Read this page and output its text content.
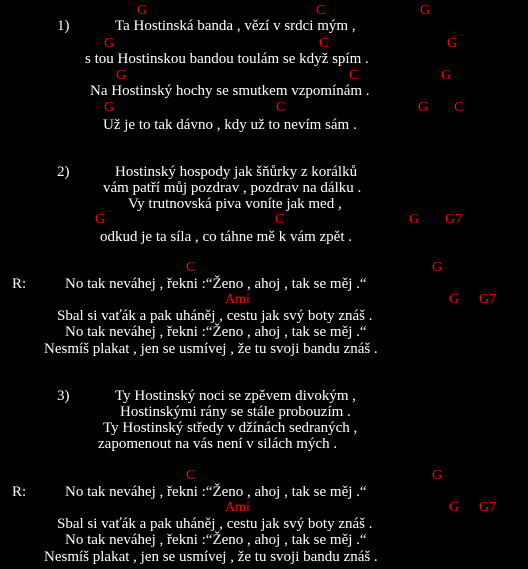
G	C	G
1)	Ta Hostinská banda , vězí v srdci mým ,
G	C	G
s tou Hostinskou bandou toulám se když spím .
G	C	G
Na Hostinský hochy se smutkem vzpomínám .
G	C	G C
Už je to tak dávno , kdy už to nevím sám .
2)	Hostinský hospody jak šňůrky z korálků
vám patří můj pozdrav , pozdrav na dálku .
Vy trutnovská piva voníte jak med ,
G	C	G G7
odkud je ta síla , co táhne mě k vám zpět .
C	G
R:	No tak neváhej , řekni :“Ženo , ahoj , tak se měj .“
Ami	G G7
Sbal si vaťák a pak uháněj , cestu jak svý boty znáš .
No tak neváhej , řekni :“Ženo , ahoj , tak se měj .“
Nesmíš plakat , jen se usmívej , že tu svoji bandu znáš .
3)	Ty Hostinský noci se zpěvem divokým ,
Hostinskými rány se stále probouzím .
Ty Hostinský středy v džínách sedraných ,
zapomenout na vás není v silách mých .
C	G
R:	No tak neváhej , řekni :“Ženo , ahoj , tak se měj .“
Ami	G G7
Sbal si vaťák a pak uháněj , cestu jak svý boty znáš .
No tak neváhej , řekni :“Ženo , ahoj , tak se měj .“
Nesmíš plakat , jen se usmívej , že tu svoji bandu znáš .
